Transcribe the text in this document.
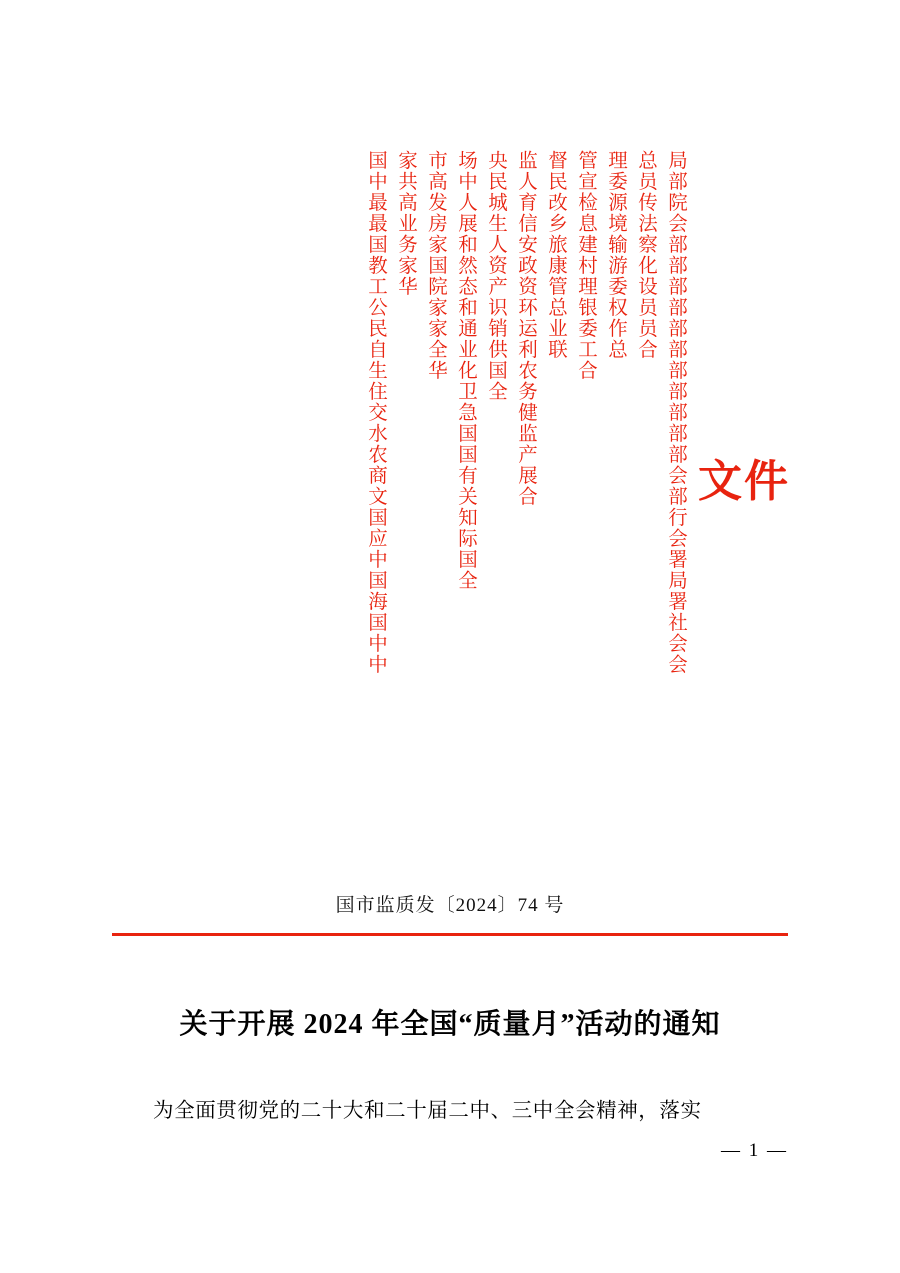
文件
局部院会部部部部部部部部部部部会部行会署局署社会会
总员传法察化设员员合
理委源境输游委权作总
管宣检息建村理银委工合
督民改乡旅康管总业联
监人育信安政资环运利农务健监产展合
央民城生人资产识销供国全
场中人展和然态和通业化卫急国国有关知际国全
市高发房家国院家家全华
家共高业务家华
国中最最国教工公民自生住交水农商文国应中国海国中中
国市监质发〔2024〕74 号
关于开展 2024 年全国“质量月”活动的通知
为全面贯彻党的二十大和二十届二中、三中全会精神，落实
— 1 —
